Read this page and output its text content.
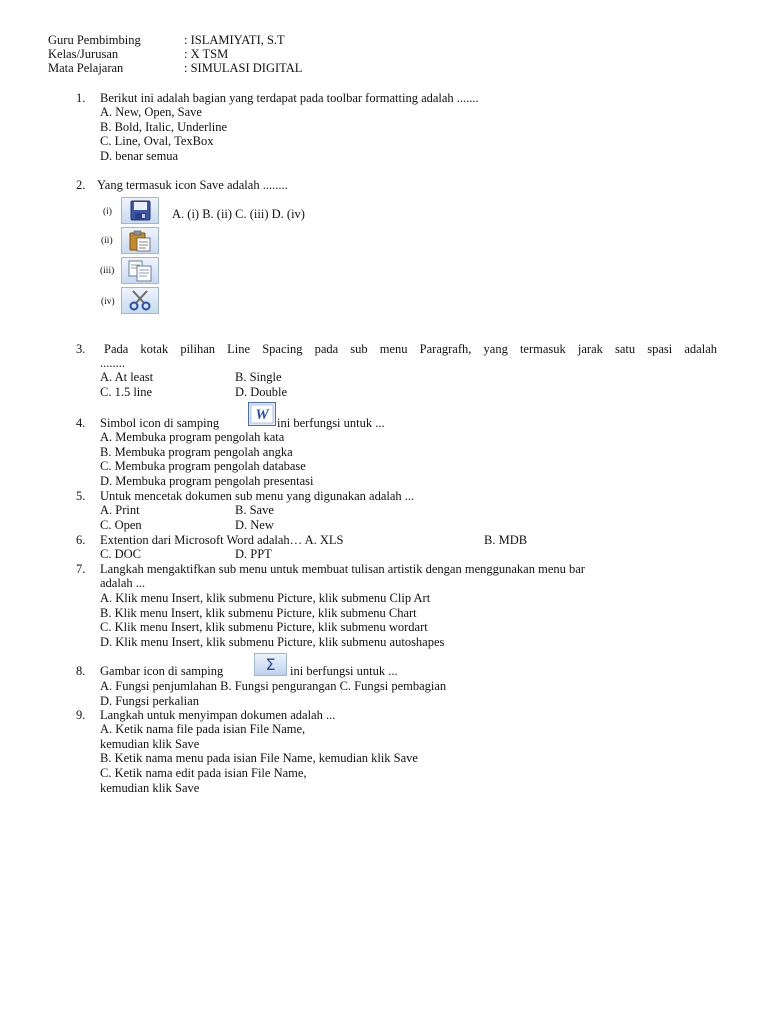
Guru Pembimbing	: ISLAMIYATI, S.T
Kelas/Jurusan	: X TSM
Mata Pelajaran	: SIMULASI DIGITAL
1. Berikut ini adalah bagian yang terdapat pada toolbar formatting adalah .......
A. New, Open, Save
B. Bold, Italic, Underline
C. Line, Oval, TexBox
D. benar semua
2. Yang termasuk icon Save adalah ........
(i)	A. (i) B. (ii) C. (iii) D. (iv)
(ii)
(iii)
(iv)
3. Pada kotak pilihan Line Spacing pada sub menu Paragrafh, yang termasuk jarak satu spasi adalah
........
A. At least	B. Single
C. 1.5 line	D. Double
4. Simbol icon di samping W ini berfungsi untuk ...
A. Membuka program pengolah kata
B. Membuka program pengolah angka
C. Membuka program pengolah database
D. Membuka program pengolah presentasi
5. Untuk mencetak dokumen sub menu yang digunakan adalah ...
A. Print	B. Save
C. Open	D. New
6. Extention dari Microsoft Word adalah… A. XLS	B. MDB
C. DOC	D. PPT
7. Langkah mengaktifkan sub menu untuk membuat tulisan artistik dengan menggunakan menu bar
adalah ...
A. Klik menu Insert, klik submenu Picture, klik submenu Clip Art
B. Klik menu Insert, klik submenu Picture, klik submenu Chart
C. Klik menu Insert, klik submenu Picture, klik submenu wordart
D. Klik menu Insert, klik submenu Picture, klik submenu autoshapes
8. Gambar icon di samping	Σ ini berfungsi untuk ...
A. Fungsi penjumlahan B. Fungsi pengurangan C. Fungsi pembagian
D. Fungsi perkalian
9. Langkah untuk menyimpan dokumen adalah ...
A. Ketik nama file pada isian File Name,
kemudian klik Save
B. Ketik nama menu pada isian File Name, kemudian klik Save
C. Ketik nama edit pada isian File Name,
kemudian klik Save
